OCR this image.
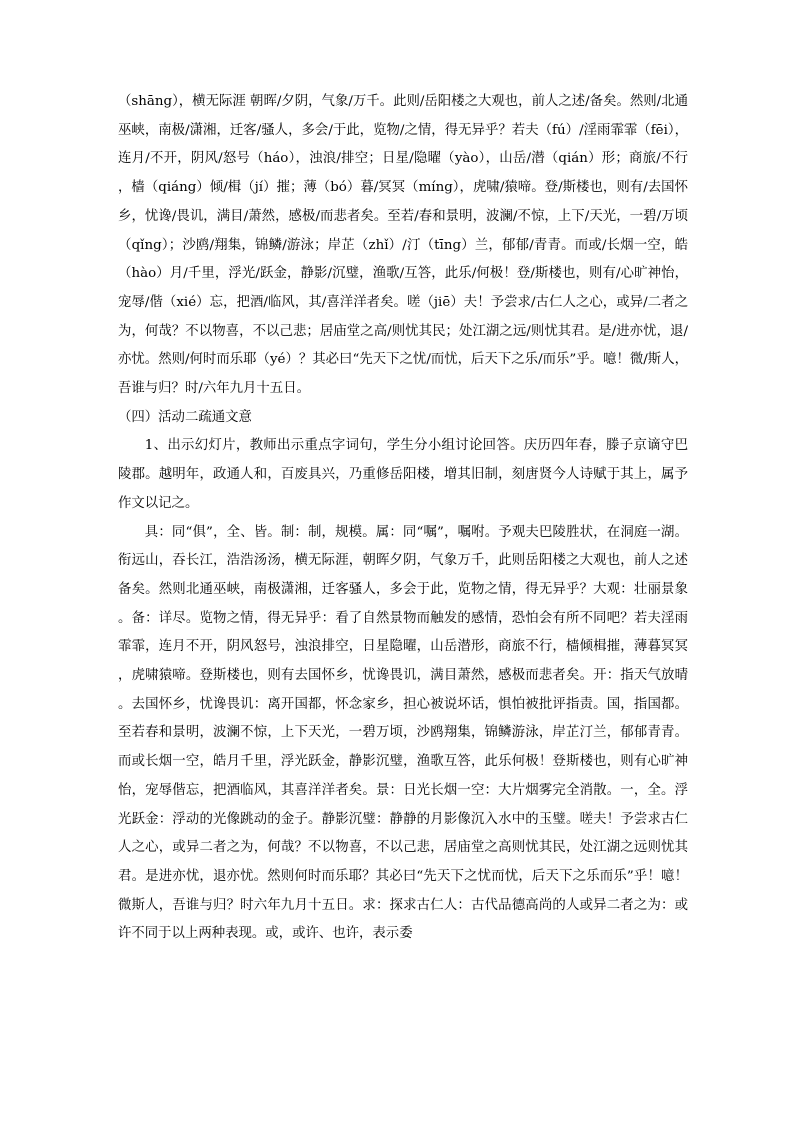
（shāng），横无际涯 朝晖/夕阴，气象/万千。此则/岳阳楼之大观也，前人之述/备矣。然则/北通巫峡，南极/潇湘，迁客/骚人，多会/于此，览物/之情，得无异乎？若夫（fú）/淫雨霏霏（fēi），连月/不开，阴风/怒号（háo），浊浪/排空；日星/隐曜（yào），山岳/潜（qián）形；商旅/不行，樯（qiáng）倾/楫（jí）摧；薄（bó）暮/冥冥（míng），虎啸/猿啼。登/斯楼也，则有/去国怀乡，忧谗/畏讥，满目/萧然，感极/而悲者矣。至若/春和景明，波澜/不惊，上下/天光，一碧/万顷（qǐng）；沙鸥/翔集，锦鳞/游泳；岸芷（zhǐ）/汀（tīng）兰，郁郁/青青。而或/长烟一空，皓（hào）月/千里，浮光/跃金，静影/沉璧，渔歌/互答，此乐/何极！登/斯楼也，则有/心旷神怡，宠辱/偕（xié）忘，把酒/临风，其/喜洋洋者矣。嗟（jiē）夫！予尝求/古仁人之心，或异/二者之为，何哉？不以物喜，不以己悲；居庙堂之高/则忧其民；处江湖之远/则忧其君。是/进亦忧，退/亦忧。然则/何时而乐耶（yé）？其必曰“先天下之忧/而忧，后天下之乐/而乐”乎。噫！微/斯人，吾谁与归？时/六年九月十五日。

（四）活动二疏通文意

1、出示幻灯片，教师出示重点字词句，学生分小组讨论回答。庆历四年春，滕子京谪守巴陵郡。越明年，政通人和，百废具兴，乃重修岳阳楼，增其旧制，刻唐贤今人诗赋于其上，属予作文以记之。

具：同“俱”，全、皆。制：制，规模。属：同“嘱”，嘱咐。予观夫巴陵胜状，在洞庭一湖。衔远山，吞长江，浩浩汤汤，横无际涯，朝晖夕阴，气象万千，此则岳阳楼之大观也，前人之述备矣。然则北通巫峡，南极潇湘，迁客骚人，多会于此，览物之情，得无异乎？大观：壮丽景象。备：详尽。览物之情，得无异乎：看了自然景物而触发的感情，恐怕会有所不同吧？若夫淫雨霏霏，连月不开，阴风怒号，浊浪排空，日星隐曜，山岳潜形，商旅不行，樯倾楫摧，薄暮冥冥，虎啸猿啼。登斯楼也，则有去国怀乡，忧谗畏讥，满目萧然，感极而悲者矣。开：指天气放晴。去国怀乡，忧谗畏讥：离开国都，怀念家乡，担心被说坏话，惧怕被批评指责。国，指国都。至若春和景明，波澜不惊，上下天光，一碧万顷，沙鸥翔集，锦鳞游泳，岸芷汀兰，郁郁青青。而或长烟一空，皓月千里，浮光跃金，静影沉璧，渔歌互答，此乐何极！登斯楼也，则有心旷神怡，宠辱偕忘，把酒临风，其喜洋洋者矣。景：日光长烟一空：大片烟雾完全消散。一，全。浮光跃金：浮动的光像跳动的金子。静影沉璧：静静的月影像沉入水中的玉璧。嗟夫！予尝求古仁人之心，或异二者之为，何哉？不以物喜，不以己悲，居庙堂之高则忧其民，处江湖之远则忧其君。是进亦忧，退亦忧。然则何时而乐耶？其必曰“先天下之忧而忧，后天下之乐而乐”乎！噫！微斯人，吾谁与归？时六年九月十五日。求：探求古仁人：古代品德高尚的人或异二者之为：或许不同于以上两种表现。或，或许、也许，表示委
